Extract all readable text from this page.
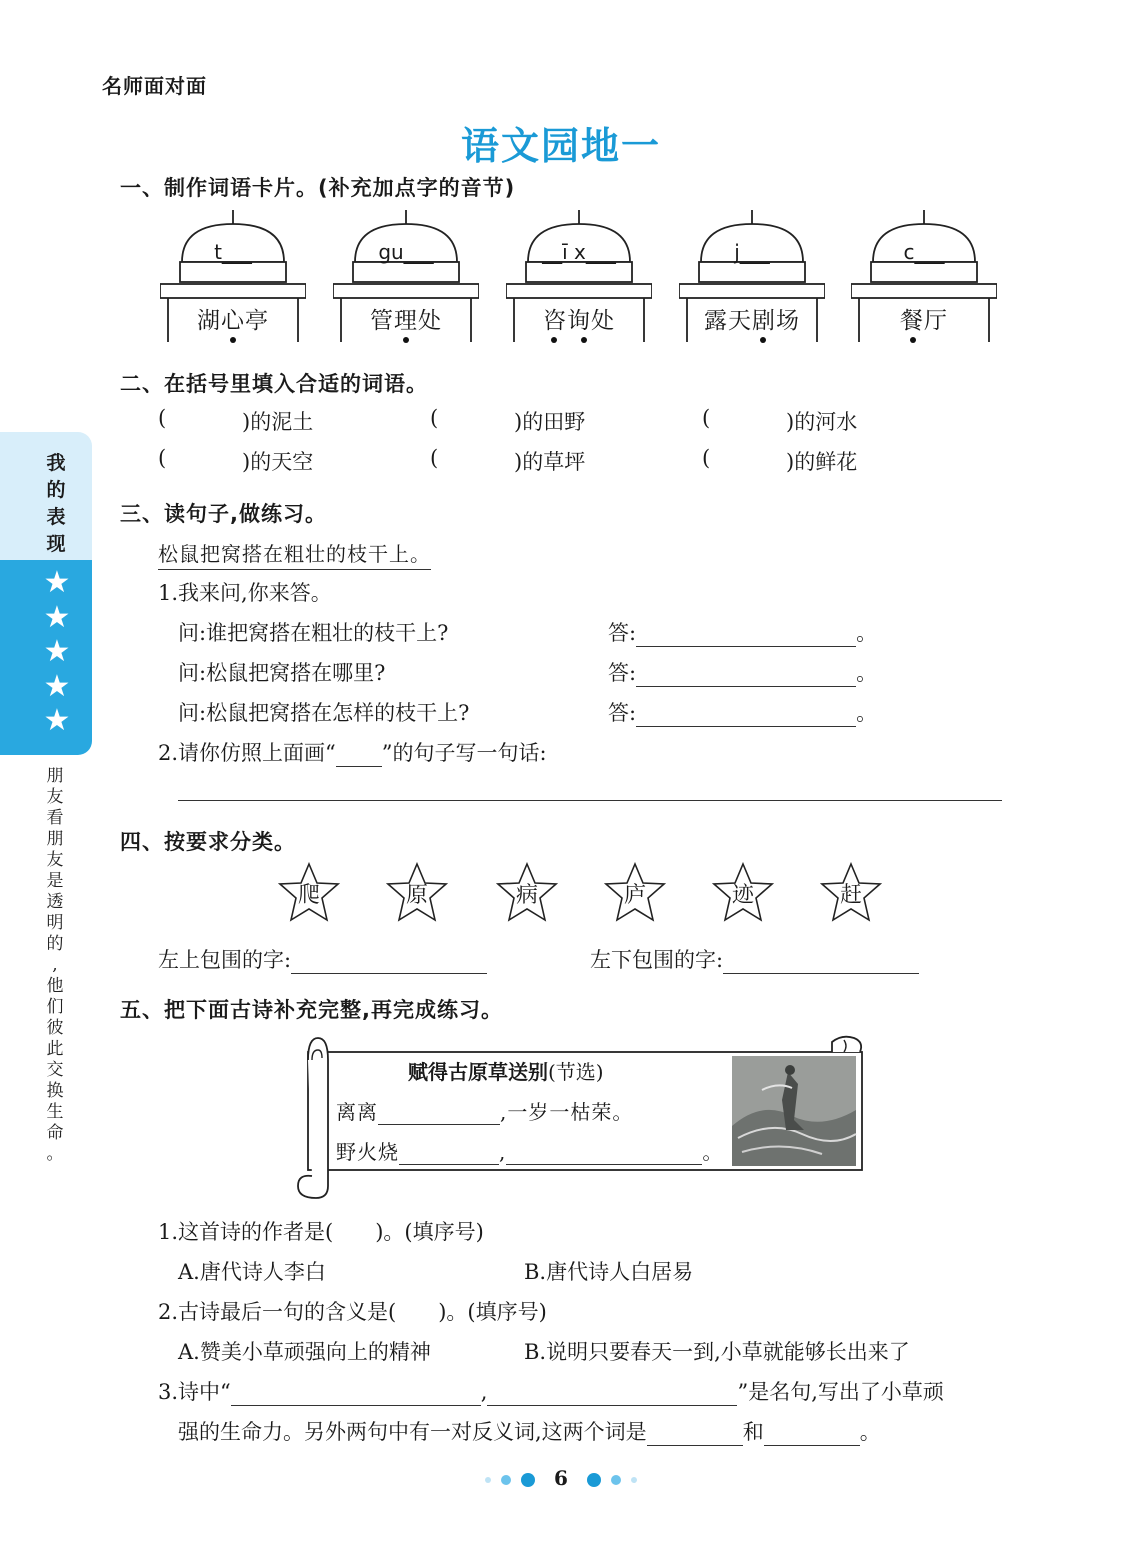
名师面对面
语文园地一
我
的
表
现
★
★
★
★
★
朋
友
看
朋
友
是
透
明
的
,
他
们
彼
此
交
换
生
命
。
一、制作词语卡片。(补充加点字的音节)
t___
湖心亭
gu___
管理处
__ī x___
咨询处
j___
露天剧场
c___
餐厅
二、在括号里填入合适的词语。
(	)的泥土	(	)的田野	(	)的河水
(	)的天空	(	)的草坪	(	)的鲜花
三、读句子,做练习。
松鼠把窝搭在粗壮的枝干上。
1.我来问,你来答。
问:谁把窝搭在粗壮的枝干上?	答:	。
问:松鼠把窝搭在哪里?	答:	。
问:松鼠把窝搭在怎样的枝干上?	答:	。
2.请你仿照上面画“ ”的句子写一句话:
四、按要求分类。
爬	原	病	庐	迹	赶
左上包围的字:	左下包围的字:
五、把下面古诗补充完整,再完成练习。
赋得古原草送别(节选)
离离	,一岁一枯荣。
野火烧	,	。
1.这首诗的作者是(　　)。(填序号)
A.唐代诗人李白	B.唐代诗人白居易
2.古诗最后一句的含义是(　　)。(填序号)
A.赞美小草顽强向上的精神	B.说明只要春天一到,小草就能够长出来了
3.诗中“	,	”是名句,写出了小草顽
强的生命力。另外两句中有一对反义词,这两个词是	和	。
6
